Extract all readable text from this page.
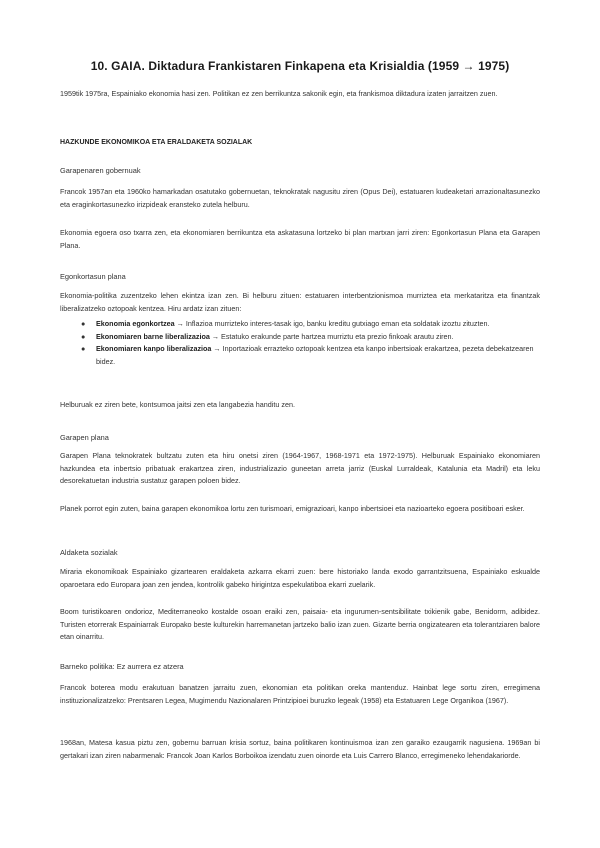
10. GAIA. Diktadura Frankistaren Finkapena eta Krisialdia (1959 → 1975)

1959tik 1975ra, Espainiako ekonomia hasi zen. Politikan ez zen berrikuntza sakonik egin, eta frankismoa diktadura izaten jarraitzen zuen.

HAZKUNDE EKONOMIKOA ETA ERALDAKETA SOZIALAK
Garapenaren gobernuak

Francok 1957an eta 1960ko hamarkadan osatutako gobernuetan, teknokratak nagusitu ziren (Opus Dei), estatuaren kudeaketari arrazionaltasunezko eta eraginkortasunezko irizpideak eransteko zutela helburu.

Ekonomia egoera oso txarra zen, eta ekonomiaren berrikuntza eta askatasuna lortzeko bi plan martxan jarri ziren: Egonkortasun Plana eta Garapen Plana.

Egonkortasun plana

Ekonomia-politika zuzentzeko lehen ekintza izan zen. Bi helburu zituen: estatuaren interbentzionismoa murriztea eta merkataritza eta finantzak liberalizatzeko oztopoak kentzea. Hiru ardatz izan zituen:

● Ekonomia egonkortzea → Inflazioa murrizteko interes-tasak igo, banku kreditu gutxiago eman eta soldatak izoztu zituzten.
● Ekonomiaren barne liberalizazioa → Estatuko erakunde parte hartzea murriztu eta prezio finkoak arautu ziren.
● Ekonomiaren kanpo liberalizazioa → Inportazioak errazteko oztopoak kentzea eta kanpo inbertsioak erakartzea, pezeta debekatzearen bidez.

Helburuak ez ziren bete, kontsumoa jaitsi zen eta langabezia handitu zen.

Garapen plana

Garapen Plana teknokratek bultzatu zuten eta hiru onetsi ziren (1964-1967, 1968-1971 eta 1972-1975). Helburuak Espainiako ekonomiaren hazkundea eta inbertsio pribatuak erakartzea ziren, industrializazio guneetan arreta jarriz (Euskal Lurraldeak, Katalunia eta Madril) eta leku desorekatuetan industria sustatuz garapen poloen bidez.

Planek porrot egin zuten, baina garapen ekonomikoa lortu zen turismoari, emigrazioari, kanpo inbertsioei eta nazioarteko egoera positiboari esker.

Aldaketa sozialak

Miraria ekonomikoak Espainiako gizartearen eraldaketa azkarra ekarri zuen: bere historiako landa exodo garrantzitsuena, Espainiako eskualde oparoetara edo Europara joan zen jendea, kontrolik gabeko hirigintza espekulatiboa ekarri zuelarik.

Boom turistikoaren ondorioz, Mediterraneoko kostalde osoan eraiki zen, paisaia- eta ingurumen-sentsibilitate txikienik gabe, Benidorm, adibidez. Turisten etorrerak Espainiarrak Europako beste kulturekin harremanetan jartzeko balio izan zuen. Gizarte berria ongizatearen eta tolerantziaren balore etan oinarritu.

Barneko politika: Ez aurrera ez atzera

Francok boterea modu erakutuan banatzen jarraitu zuen, ekonomian eta politikan oreka mantenduz. Hainbat lege sortu ziren, erregimena instituzionalizatzeko: Prentsaren Legea, Mugimendu Nazionalaren Printzipioei buruzko legeak (1958) eta Estatuaren Lege Organikoa (1967).

1968an, Matesa kasua piztu zen, gobernu barruan krisia sortuz, baina politikaren kontinuismoa izan zen garaiko ezaugarrik nagusiena. 1969an bi gertakari izan ziren nabarmenak: Francok Joan Karlos Borboikoa izendatu zuen oinorde eta Luis Carrero Blanco, erregimeneko lehendakariorde.
